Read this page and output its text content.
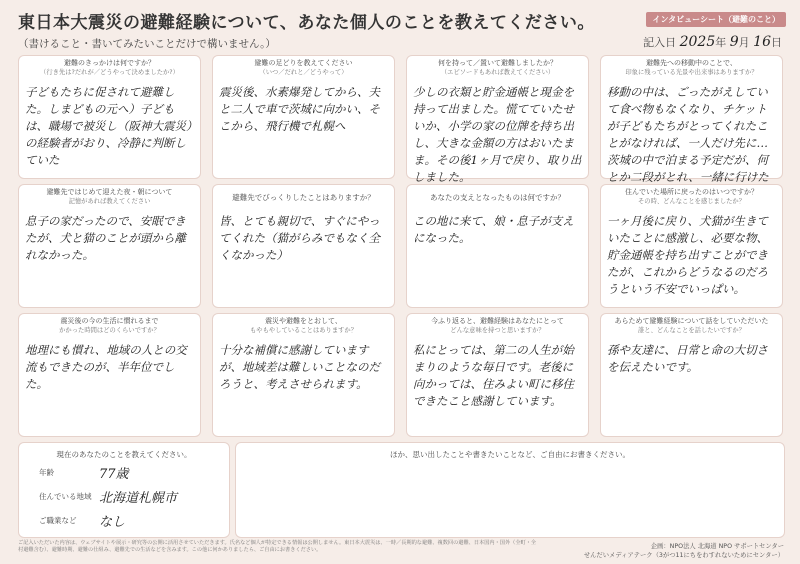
東日本大震災の避難経験について、あなた個人のことを教えてください。
（書けること・書いてみたいことだけで構いません。）
インタビューシート（避難のこと）
記入日 2025年 9月 16日
避難のきっかけは何ですか？
（行き先は?だれが／どうやって決めましたか?）
子どもたちに促されて避難した。しまどもの元へ）子どもは、職場で被災し（阪神大震災）の経験者がおり、冷静に判断していた
避難の足どりを教えてください
（いつ／だれと／どうやって）
震災後、水素爆発してから、夫と二人で車で茨城に向かい、そこから、飛行機で札幌へ
何を持って／置いて避難しましたか？
（エピソードもあれば教えてください）
少しの衣類と貯金通帳と現金を持って出ました。慌てていたせいか、小学の家の位牌を持ち出し、大きな金額の方はおいたまま。その後1ヶ月で戻り、取り出しました。
避難先への移動中のことで、
印象に残っている光景や出来事はありますか？
移動の中は、ごったがえしていて食べ物もなくなり、チケットが子どもたちがとってくれたことがなければ、一人だけ先に…茨城の中で泊まる予定だが、何とか二段がとれ、一緒に行けた
避難先ではじめて迎えた夜・朝について
記憶があれば教えてください
息子の家だったので、安眠できたが、犬と猫のことが頭から離れなかった。
避難先でびっくりしたことはありますか？
皆、とても親切で、すぐにやってくれた（猫がらみでもなく全くなかった）
あなたの支えとなったものは何ですか？
この地に来て、娘・息子が支えになった。
住んでいた場所に戻ったのはいつですか？
その時、どんなことを感じましたか？
一ヶ月後に戻り、犬猫が生きていたことに感激し、必要な物、貯金通帳を持ち出すことができたが、これからどうなるのだろうという不安でいっぱい。
震災後の今の生活に慣れるまで
かかった時間はどのくらいですか？
地理にも慣れ、地域の人との交流もできたのが、半年位でした。
震災や避難をとおして、
もやもやしていることはありますか？
十分な補償に感謝していますが、地域差は難しいことなのだろうと、考えさせられます。
今ふり返ると、避難経験はあなたにとって
どんな意味を持つと思いますか？
私にとっては、第二の人生が始まりのような毎日です。老後に向かっては、住みよい町に移住できたこと感謝しています。
あらためて避難経験について話をしていただいた
誰と、どんなことを話したいですか？
孫や友達に、日常と命の大切さを伝えたいです。
現在のあなたのことを教えてください。
年齢	77歳
住んでいる地域 北海道札幌市
ご職業など	なし
ほか、思い出したことや書きたいことなど、ご自由にお書きください。
ご記入いただいた内容は、ウェブサイトや展示・研究等の公開に活用させていただきます。氏名など個人が特定できる情報は公開しません。東日本大震災は、一時／長期的な避難、複数回の避難、日本国内・国外（全町・全村避難含む）、避難時期、避難の仕組み、避難先での生活などを含みます。この他に何かありましたら、ご自由にお書きください。	企画：NPO法人 北海道 NPO サポートセンター
せんだいメディアテーク（3がつ11にちをわすれないためにセンター）
